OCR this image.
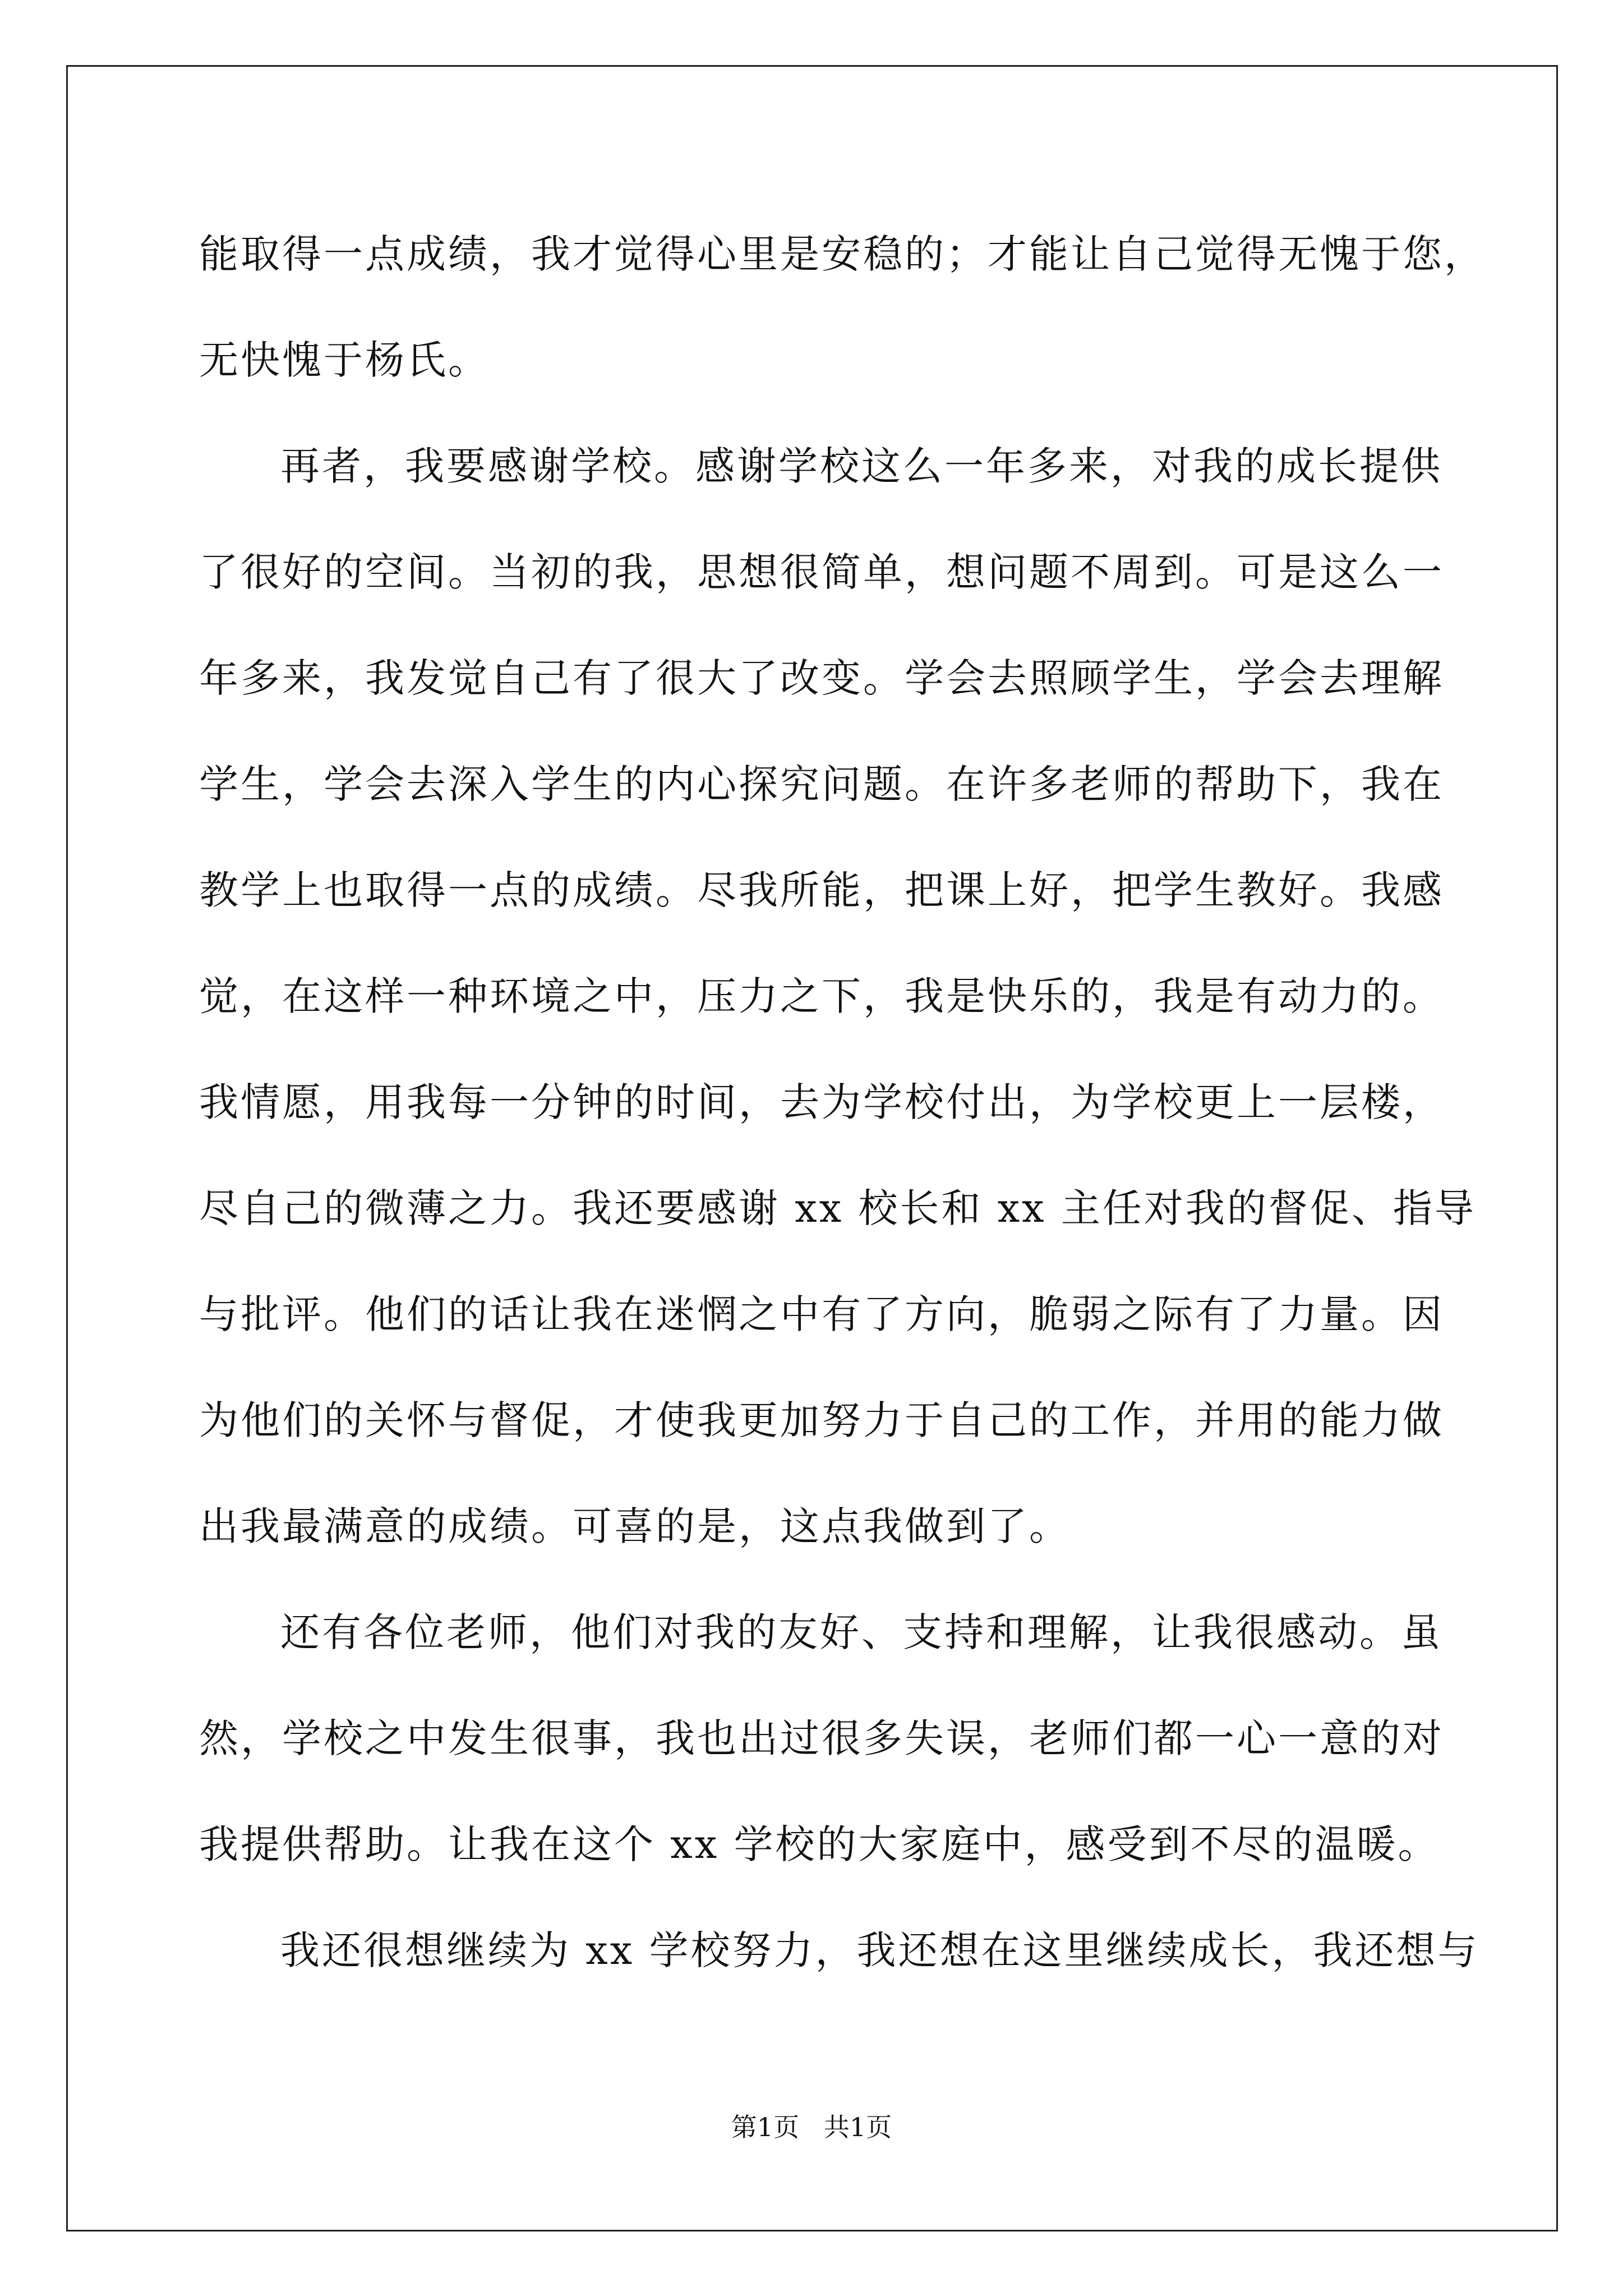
能取得一点成绩，我才觉得心里是安稳的；才能让自己觉得无愧于您，
无快愧于杨氏。
再者，我要感谢学校。感谢学校这么一年多来，对我的成长提供
了很好的空间。当初的我，思想很简单，想问题不周到。可是这么一
年多来，我发觉自己有了很大了改变。学会去照顾学生，学会去理解
学生，学会去深入学生的内心探究问题。在许多老师的帮助下，我在
教学上也取得一点的成绩。尽我所能，把课上好，把学生教好。我感
觉，在这样一种环境之中，压力之下，我是快乐的，我是有动力的。
我情愿，用我每一分钟的时间，去为学校付出，为学校更上一层楼，
尽自己的微薄之力。我还要感谢 xx 校长和 xx 主任对我的督促、指导
与批评。他们的话让我在迷惘之中有了方向，脆弱之际有了力量。因
为他们的关怀与督促，才使我更加努力于自己的工作，并用的能力做
出我最满意的成绩。可喜的是，这点我做到了。
还有各位老师，他们对我的友好、支持和理解，让我很感动。虽
然，学校之中发生很事，我也出过很多失误，老师们都一心一意的对
我提供帮助。让我在这个 xx 学校的大家庭中，感受到不尽的温暖。
我还很想继续为 xx 学校努力，我还想在这里继续成长，我还想与
第1页   共1页
